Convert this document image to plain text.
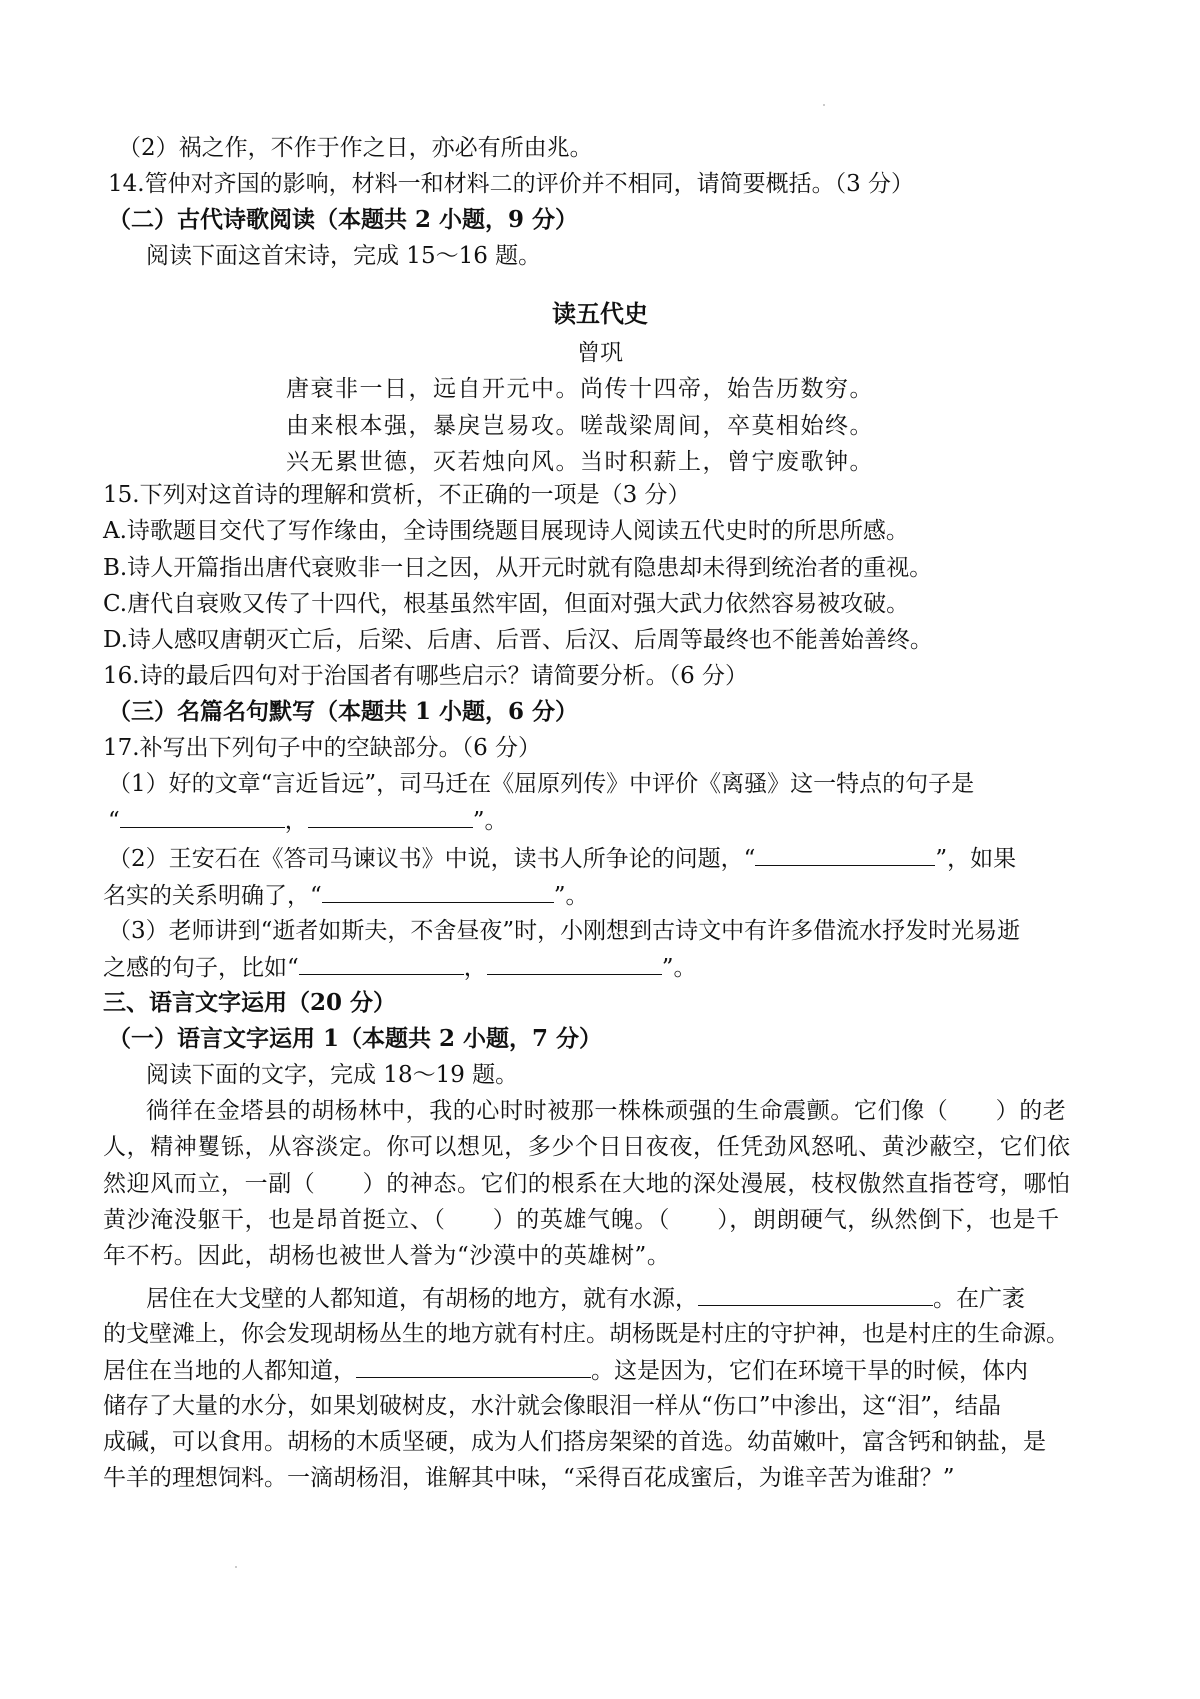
（2）祸之作，不作于作之日，亦必有所由兆。
14.管仲对齐国的影响，材料一和材料二的评价并不相同，请简要概括。（3 分）
（二）古代诗歌阅读（本题共 2 小题，9 分）
阅读下面这首宋诗，完成 15～16 题。
读五代史
曾巩
唐衰非一日，远自开元中。尚传十四帝，始告历数穷。
由来根本强，暴戾岂易攻。嗟哉梁周间，卒莫相始终。
兴无累世德，灭若烛向风。当时积薪上，曾宁废歌钟。
15.下列对这首诗的理解和赏析，不正确的一项是（3 分）
A.诗歌题目交代了写作缘由，全诗围绕题目展现诗人阅读五代史时的所思所感。
B.诗人开篇指出唐代衰败非一日之因，从开元时就有隐患却未得到统治者的重视。
C.唐代自衰败又传了十四代，根基虽然牢固，但面对强大武力依然容易被攻破。
D.诗人感叹唐朝灭亡后，后梁、后唐、后晋、后汉、后周等最终也不能善始善终。
16.诗的最后四句对于治国者有哪些启示？请简要分析。（6 分）
（三）名篇名句默写（本题共 1 小题，6 分）
17.补写出下列句子中的空缺部分。（6 分）
（1）好的文章“言近旨远”，司马迁在《屈原列传》中评价《离骚》这一特点的句子是
“	，	”。
（2）王安石在《答司马谏议书》中说，读书人所争论的问题，“	”，如果
名实的关系明确了，“	”。
（3）老师讲到“逝者如斯夫，不舍昼夜”时，小刚想到古诗文中有许多借流水抒发时光易逝
之感的句子，比如“	，	”。
三、语言文字运用（20 分）
（一）语言文字运用 1（本题共 2 小题，7 分）
阅读下面的文字，完成 18～19 题。
徜徉在金塔县的胡杨林中，我的心时时被那一株株顽强的生命震颤。它们像（　　）的老
人，精神矍铄，从容淡定。你可以想见，多少个日日夜夜，任凭劲风怒吼、黄沙蔽空，它们依
然迎风而立，一副（　　）的神态。它们的根系在大地的深处漫展，枝杈傲然直指苍穹，哪怕
黄沙淹没躯干，也是昂首挺立、（　　）的英雄气魄。（　　），朗朗硬气，纵然倒下，也是千
年不朽。因此，胡杨也被世人誉为“沙漠中的英雄树”。
居住在大戈壁的人都知道，有胡杨的地方，就有水源，	。在广袤
的戈壁滩上，你会发现胡杨丛生的地方就有村庄。胡杨既是村庄的守护神，也是村庄的生命源。
居住在当地的人都知道，	。这是因为，它们在环境干旱的时候，体内
储存了大量的水分，如果划破树皮，水汁就会像眼泪一样从“伤口”中渗出，这“泪”，结晶
成碱，可以食用。胡杨的木质坚硬，成为人们搭房架梁的首选。幼苗嫩叶，富含钙和钠盐，是
牛羊的理想饲料。一滴胡杨泪，谁解其中味，“采得百花成蜜后，为谁辛苦为谁甜？”
